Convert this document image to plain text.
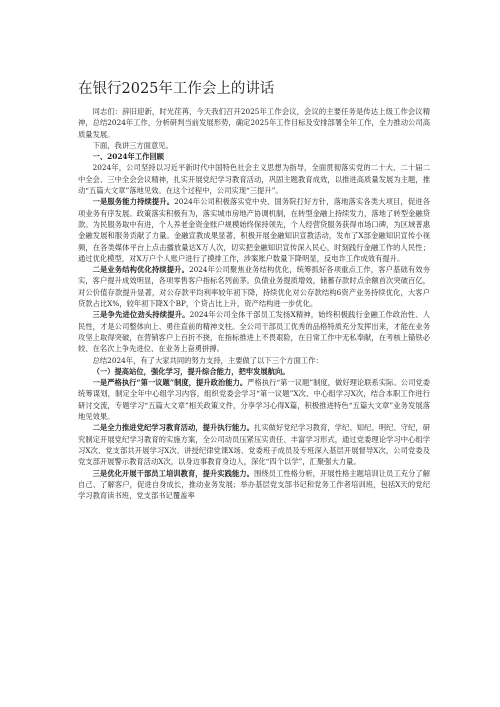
在银行2025年工作会上的讲话

同志们：辞旧迎新，时光荏苒，今天我们召开2025年工作会议，会议的主要任务是传达上级工作会议精神，总结2024年工作，分析研判当前发展形势，确定2025年工作目标及安排部署全年工作，全力推动公司高质量发展。

下面，我讲三方面意见。

一、2024年工作回顾

2024年，公司坚持以习近平新时代中国特色社会主义思想为指导，全面贯彻落实党的二十大、二十届二中全会、三中全会会议精神，扎实开展党纪学习教育活动，巩固主题教育成效，以推进高质量发展为主题，推动“五篇大文章”落地见效。在这个过程中，公司实现“三提升”。

一是服务能力持续提升。2024年公司积极落实党中央、国务院打好方针，落地落实各类大项目，促进各项业务有序发展。政策落实积极有为，落实城市房地产协调机制，在转型金融上持续发力，落地了转型金融贷款。为民服务取中有进，个人养老金资金账户规模始终保持领先，个人经营贷服务获得市场口碑，为区域普惠金融发展和服务贡献了力量。金融宣教成果显著，积极开展金融知识宣教活动，发布了X部金融知识宣传小视频，在各类媒体平台上点击播放量达X万人次，切实把金融知识宣传深入民心，时刻践行金融工作的人民性；通过优化模型，对X万户个人账户进行了摸排工作，涉案账户数量下降明显，反电诈工作成效有提升。

二是业务结构优化持续提升。2024年公司聚焦业务结构优化，统筹抓好各项重点工作，客户基础有效夯实，客户提升成效明显，各项零售客户指标名列前茅。负债业务提质增效，储蓄存款时点余额首次突破百亿，对公价值存款提升显著，对公存款平均利率较年初下降，持续优化对公存款结构6资产业务持续优化，大客户贷款占比X%，较年初下降X个BP，个贷占比上升，资产结构进一步优化。

三是争先进位劲头持续提升。2024年公司全体干部员工发扬X精神，始终积极践行金融工作政治性、人民性，才是公司整体向上、勇往直前的精神支柱。全公司干部员工优秀的品格特质充分发挥出来，才能在业务攻坚上取得突破，在营销客户上百折不挠，在指标推进上不畏艰险，在日常工作中无私奉献，在考核上锚铁必较、在名次上争先进位、在业务上奋勇拼搏。

总结2024年，有了大家共同的努力支持，主要做了以下三个方面工作：

（一）提高站位，强化学习，提升综合能力，把牢发展航向。

一是严格执行“第一议题”制度，提升政治能力。严格执行“第一议题”制度，做好理论联系实际。公司党委统筹谋划，制定全年中心组学习内容，组织党委会学习“第一议题”X次、中心组学习X次，结合本职工作进行研讨交流，专题学习“五篇大文章”相关政策文件，分享学习心得X篇，积极推进特色“五篇大文章”业务发展落地见效果。

二是全力推进党纪学习教育活动，提升执行能力。扎实做好党纪学习教育，学纪、知纪、明纪、守纪，研究制定开展党纪学习教育的实施方案，全公司动员压紧压实责任、丰富学习形式，通过党委理论学习中心组学习X次、党支部共开展学习X次、讲授纪律党课X场、党委班子成员及专班深入基层开展督导X次，公司党委及党支部开展警示教育活动X次，以身边事教育身边人，深化“四个以学”，汇聚强大力量。

三是优化开展干部员工培训教育，提升实践能力。围绕员工性格分析，开展性格主题培训让员工充分了解自己、了解客户，促进自身成长，推动业务发展；举办基层党支部书记和党务工作者培训班，包括X天的党纪学习教育读书班，党支部书记覆盖率
